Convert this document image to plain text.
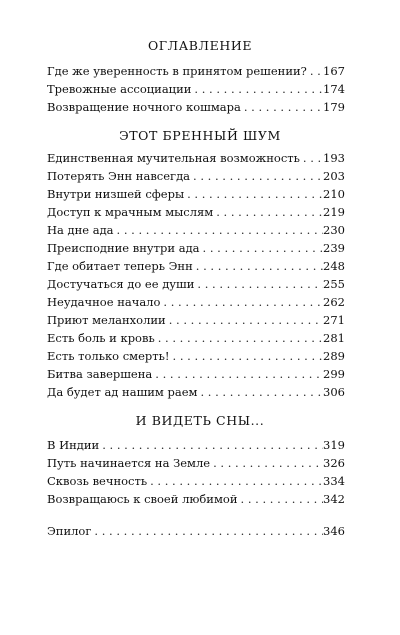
ОГЛАВЛЕНИЕ
Где же уверенность в принятом решении? . . . 167
Тревожные ассоциации . . .	174
Возвращение ночного кошмара . . .	179
ЭТОТ БРЕННЫЙ ШУМ
Единственная мучительная возможность . . . 193
Потерять Энн навсегда . . .	203
Внутри низшей сферы . . .	210
Доступ к мрачным мыслям . . .	219
На дне ада . . .	230
Преисподние внутри ада . . .	239
Где обитает теперь Энн . . .	248
Достучаться до ее души . . .	255
Неудачное начало . . .	262
Приют меланхолии . . .	271
Есть боль и кровь . . .	281
Есть только смерть! . . .	289
Битва завершена . . .	299
Да будет ад нашим раем . . .	306
И ВИДЕТЬ СНЫ...
В Индии . . .	319
Путь начинается на Земле . . .	326
Сквозь вечность . . .	334
Возвращаюсь к своей любимой . . .	342
Эпилог . . .	346
